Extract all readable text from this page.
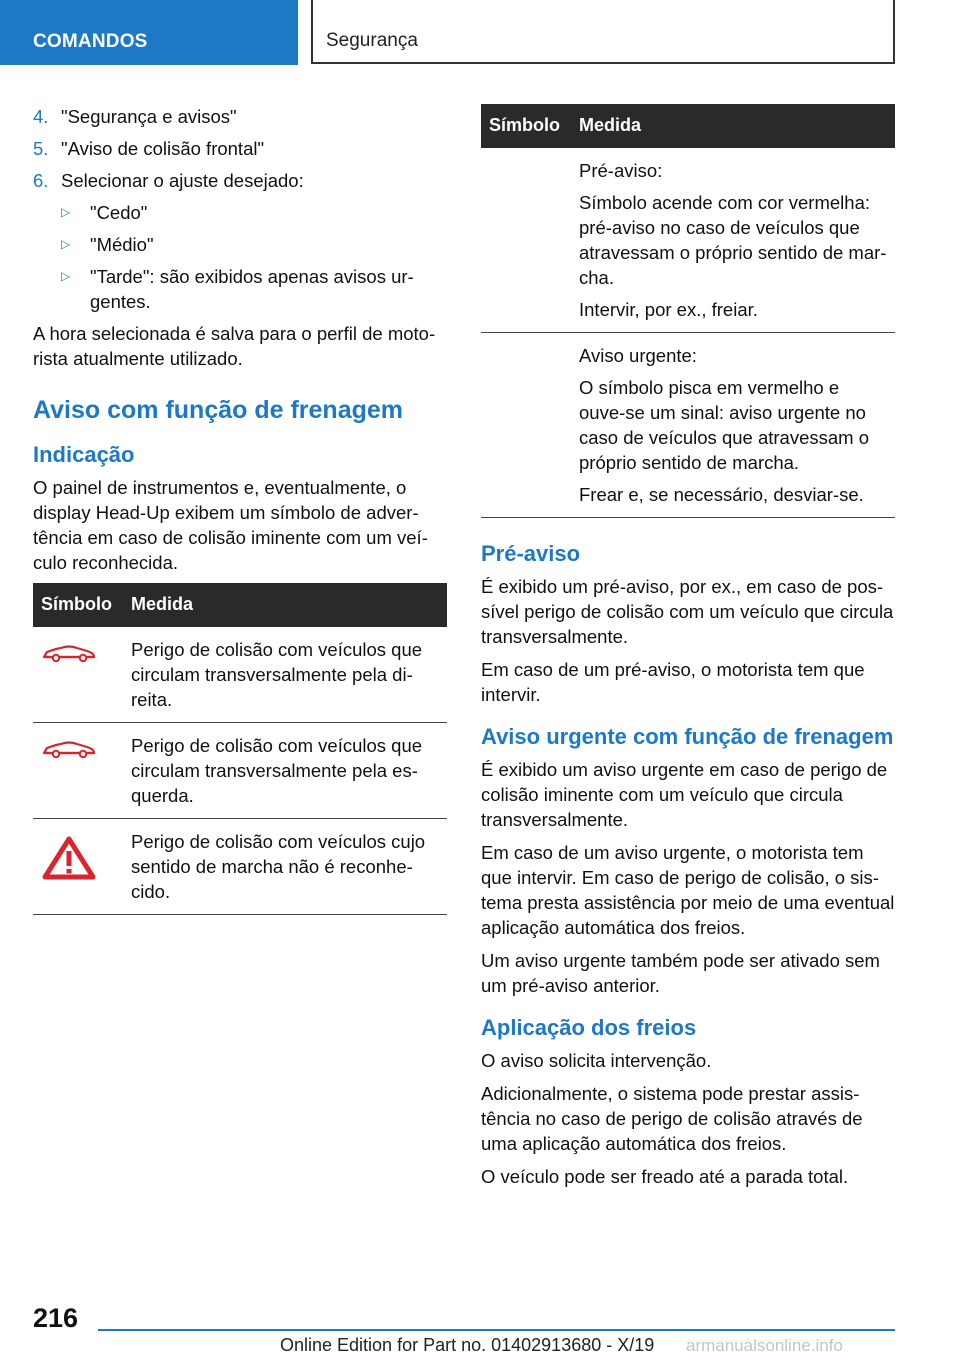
COMANDOS	Segurança
4. "Segurança e avisos"
5. "Aviso de colisão frontal"
6. Selecionar o ajuste desejado:
▷ "Cedo"
▷ "Médio"
▷ "Tarde": são exibidos apenas avisos urgentes.

A hora selecionada é salva para o perfil de motorista atualmente utilizado.

Aviso com função de frenagem
Indicação

O painel de instrumentos e, eventualmente, o display Head-Up exibem um símbolo de advertência em caso de colisão iminente com um veículo reconhecida.

Símbolo	Medida

	Perigo de colisão com veículos que circulam transversalmente pela direita.

	Perigo de colisão com veículos que circulam transversalmente pela esquerda.

	Perigo de colisão com veículos cujo sentido de marcha não é reconhecido.
Símbolo	Medida

	Pré-aviso:

Símbolo acende com cor vermelha: pré-aviso no caso de veículos que atravessam o próprio sentido de marcha.

Intervir, por ex., freiar.

	Aviso urgente:

O símbolo pisca em vermelho e ouve-se um sinal: aviso urgente no caso de veículos que atravessam o próprio sentido de marcha.

Frear e, se necessário, desviar-se.

Pré-aviso

É exibido um pré-aviso, por ex., em caso de possível perigo de colisão com um veículo que circula transversalmente.

Em caso de um pré-aviso, o motorista tem que intervir.

Aviso urgente com função de frenagem

É exibido um aviso urgente em caso de perigo de colisão iminente com um veículo que circula transversalmente.

Em caso de um aviso urgente, o motorista tem que intervir. Em caso de perigo de colisão, o sistema presta assistência por meio de uma eventual aplicação automática dos freios.

Um aviso urgente também pode ser ativado sem um pré-aviso anterior.

Aplicação dos freios

O aviso solicita intervenção.

Adicionalmente, o sistema pode prestar assistência no caso de perigo de colisão através de uma aplicação automática dos freios.

O veículo pode ser freado até a parada total.

216
Online Edition for Part no. 01402913680 - X/19 armanualsonline.info
